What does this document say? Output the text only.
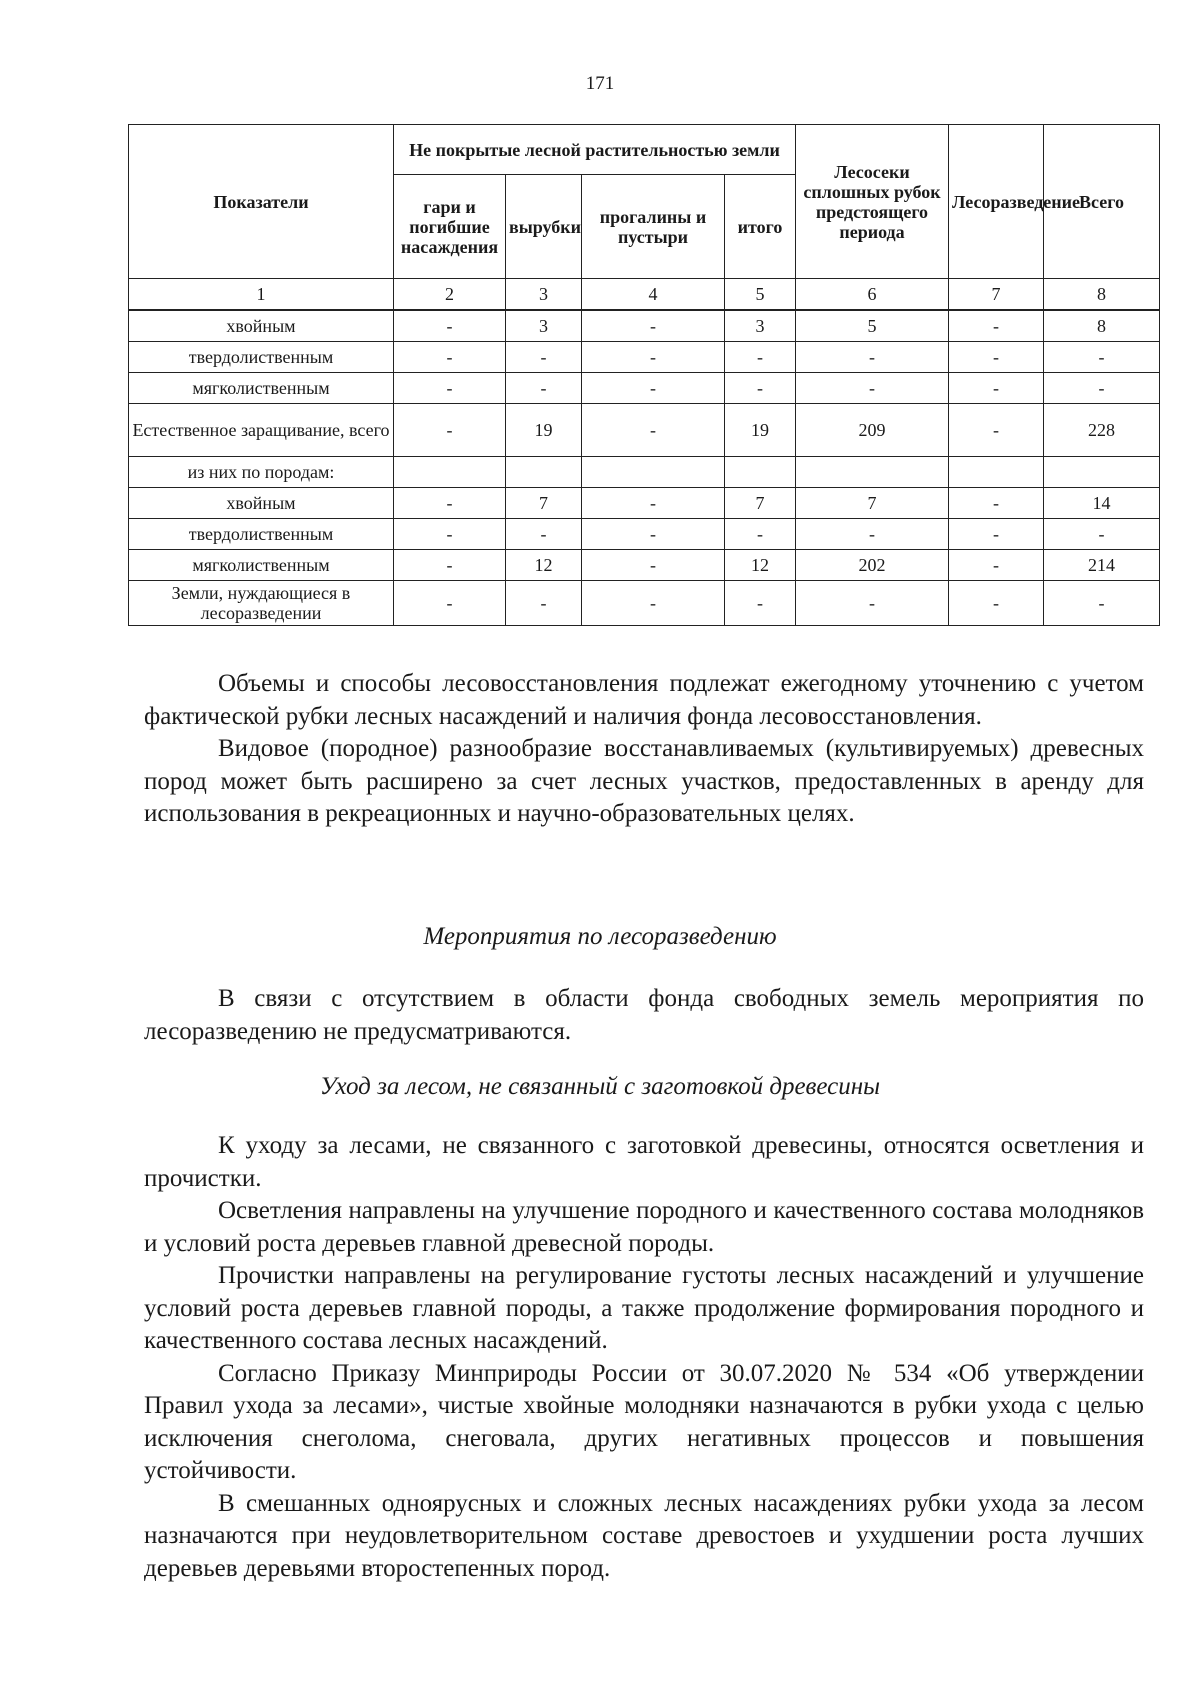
171
Показатели	Не покрытые лесной растительностью земли				Лесосеки сплошных рубок предстоящего периода	Лесоразведение	Всего
	гари и погибшие насаждения	вырубки	прогалины и пустыри	итого			
1	2	3	4	5	6	7	8

хвойным	-	3	-	3	5	-	8
твердолиственным	-	-	-	-	-	-	-
мягколиственным	-	-	-	-	-	-	-
Естественное заращивание, всего	-	19	-	19	209	-	228
из них по породам:							
хвойным	-	7	-	7	7	-	14
твердолиственным	-	-	-	-	-	-	-
мягколиственным	-	12	-	12	202	-	214
Земли, нуждающиеся в лесоразведении	-	-	-	-	-	-	-

Объемы и способы лесовосстановления подлежат ежегодному уточнению с учетом фактической рубки лесных насаждений и наличия фонда лесовосстановления.

Видовое (породное) разнообразие восстанавливаемых (культивируемых) древесных пород может быть расширено за счет лесных участков, предоставленных в аренду для использования в рекреационных и научно-образовательных целях.

Мероприятия по лесоразведению

В связи с отсутствием в области фонда свободных земель мероприятия по лесоразведению не предусматриваются.

Уход за лесом, не связанный с заготовкой древесины

К уходу за лесами, не связанного с заготовкой древесины, относятся осветления и прочистки.

Осветления направлены на улучшение породного и качественного состава молодняков и условий роста деревьев главной древесной породы.

Прочистки направлены на регулирование густоты лесных насаждений и улучшение условий роста деревьев главной породы, а также продолжение формирования породного и качественного состава лесных насаждений.

Согласно Приказу Минприроды России от 30.07.2020 № 534 «Об утверждении Правил ухода за лесами», чистые хвойные молодняки назначаются в рубки ухода с целью исключения снеголома, снеговала, других негативных процессов и повышения устойчивости.

В смешанных одноярусных и сложных лесных насаждениях рубки ухода за лесом назначаются при неудовлетворительном составе древостоев и ухудшении роста лучших деревьев деревьями второстепенных пород.
